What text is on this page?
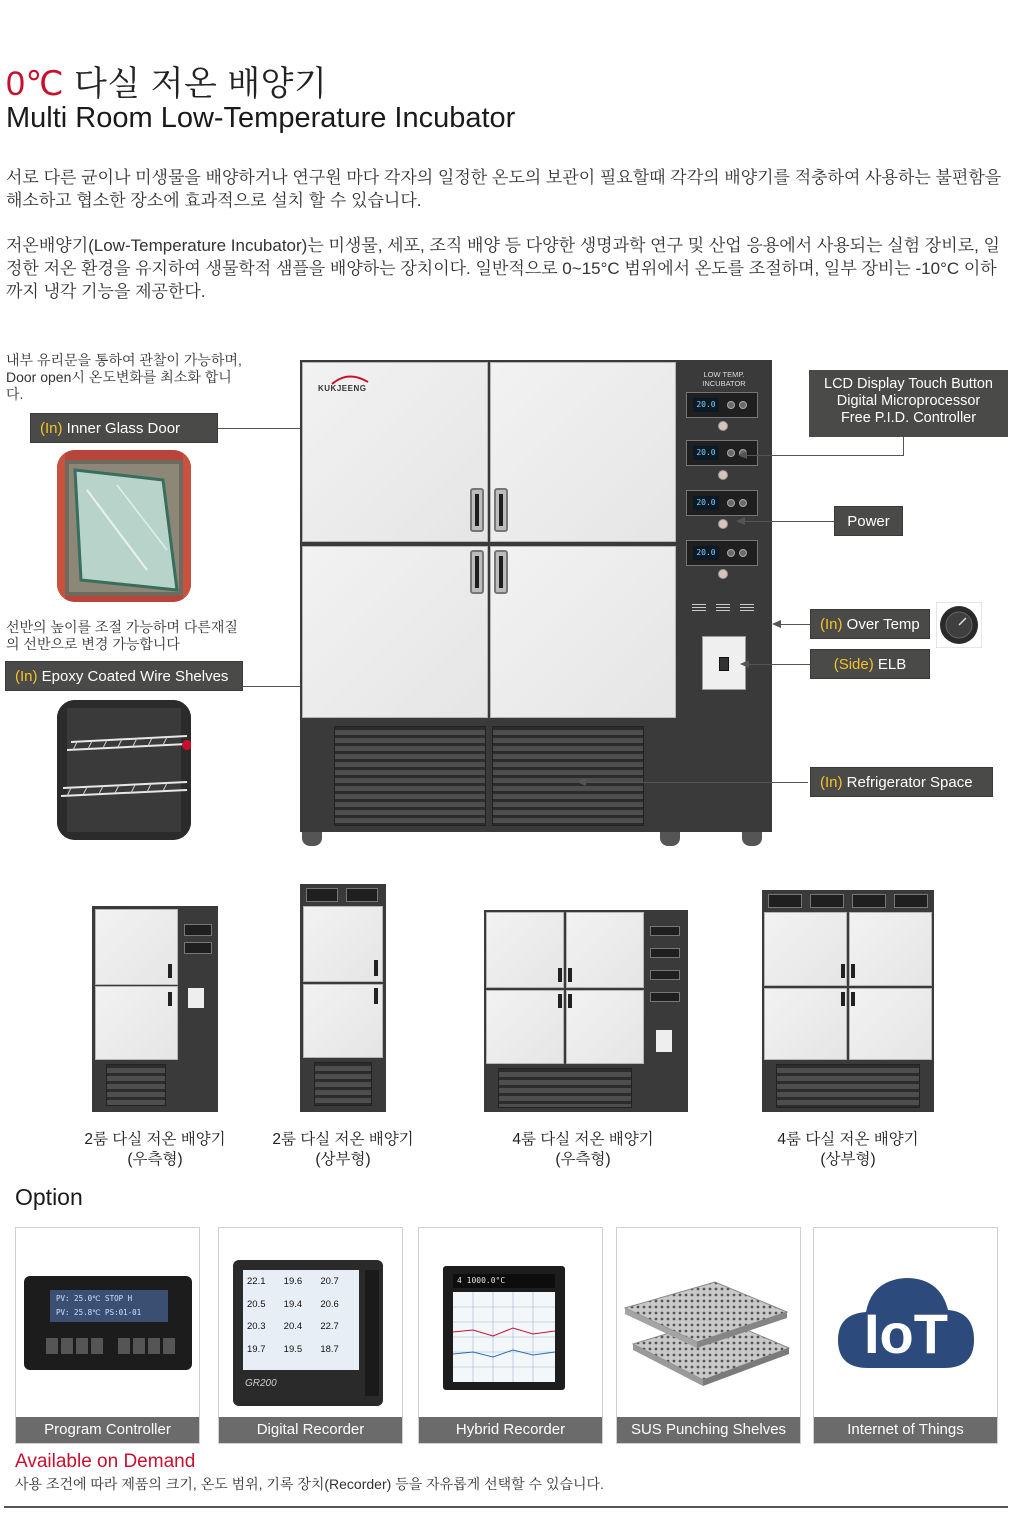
0℃ 다실 저온 배양기
Multi Room Low-Temperature Incubator
서로 다른 균이나 미생물을 배양하거나 연구원 마다 각자의 일정한 온도의 보관이 필요할때 각각의 배양기를 적충하여 사용하는 불편함을 해소하고 협소한 장소에 효과적으로 설치 할 수 있습니다.
저온배양기(Low-Temperature Incubator)는 미생물, 세포, 조직 배양 등 다양한 생명과학 연구 및 산업 응용에서 사용되는 실험 장비로, 일정한 저온 환경을 유지하여 생물학적 샘플을 배양하는 장치이다. 일반적으로 0~15°C 범위에서 온도를 조절하며, 일부 장비는 -10°C 이하까지 냉각 기능을 제공한다.
내부 유리문을 통하여 관찰이 가능하며, Door open시 온도변화를 최소화 합니다.
(In) Inner Glass Door
선반의 높이를 조절 가능하며 다른재질의 선반으로 변경 가능합니다
(In) Epoxy Coated Wire Shelves
KUKJEENG
LOW TEMP.
INCUBATOR
20.0
20.0
20.0
20.0
LCD Display Touch Button
Digital Microprocessor
Free P.I.D. Controller
Power
(In) Over Temp
(Side) ELB
(In) Refrigerator Space
2룸 다실 저온 배양기
(우측형)
2룸 다실 저온 배양기
(상부형)
4룸 다실 저온 배양기
(우측형)
4룸 다실 저온 배양기
(상부형)
Option
PV: 25.0℃ STOP H
PV: 25.8℃ PS:01-01
Program Controller
22.1	19.6	20.7
20.5	19.4	20.6
20.3	20.4	22.7
19.7	19.5	18.7
GR200
Digital Recorder
4 1000.0°C
Hybrid Recorder	SUS Punching Shelves
IoT
Internet of Things
Available on Demand
사용 조건에 따라 제품의 크기, 온도 범위, 기록 장치(Recorder) 등을 자유롭게 선택할 수 있습니다.
